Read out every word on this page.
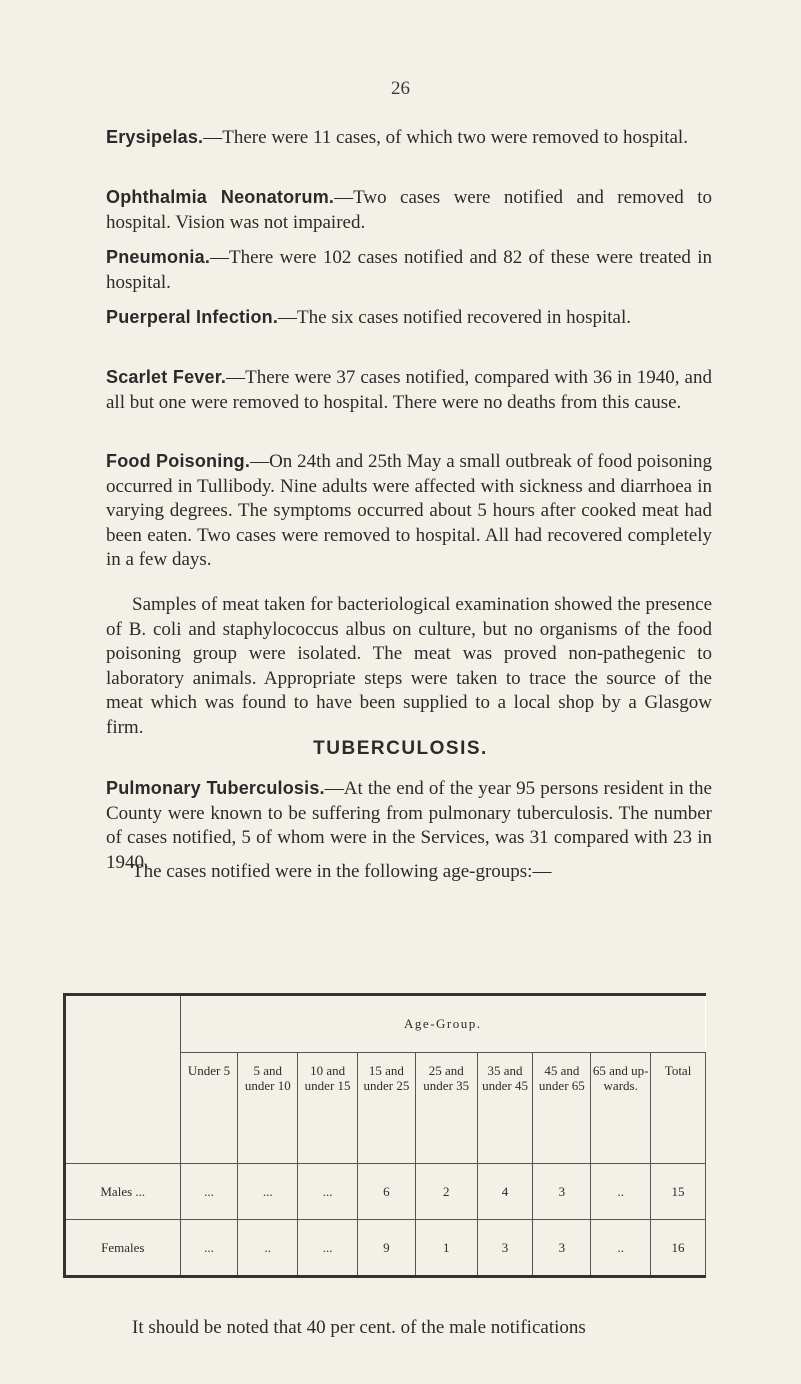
26
Erysipelas.—There were 11 cases, of which two were removed to hospital.
Ophthalmia Neonatorum.—Two cases were notified and removed to hospital. Vision was not impaired.
Pneumonia.—There were 102 cases notified and 82 of these were treated in hospital.
Puerperal Infection.—The six cases notified recovered in hospital.
Scarlet Fever.—There were 37 cases notified, compared with 36 in 1940, and all but one were removed to hospital. There were no deaths from this cause.
Food Poisoning.—On 24th and 25th May a small outbreak of food poisoning occurred in Tullibody. Nine adults were affected with sickness and diarrhoea in varying degrees. The symptoms occurred about 5 hours after cooked meat had been eaten. Two cases were removed to hospital. All had recovered completely in a few days.
Samples of meat taken for bacteriological examination showed the presence of B. coli and staphylococcus albus on culture, but no organisms of the food poisoning group were isolated. The meat was proved non-pathegenic to laboratory animals. Appropriate steps were taken to trace the source of the meat which was found to have been supplied to a local shop by a Glasgow firm.
TUBERCULOSIS.
Pulmonary Tuberculosis.—At the end of the year 95 persons resident in the County were known to be suffering from pulmonary tuberculosis. The number of cases notified, 5 of whom were in the Services, was 31 compared with 23 in 1940.
The cases notified were in the following age-groups:—
	Age-Group.								
	Under 5	5 and under 10	10 and under 15	15 and under 25	25 and under 35	35 and under 45	45 and under 65	65 and up-wards.	Total
Males ...	...	...	...	6	2	4	3	..	15
Females	...	..	...	9	1	3	3	..	16
It should be noted that 40 per cent. of the male notifications
